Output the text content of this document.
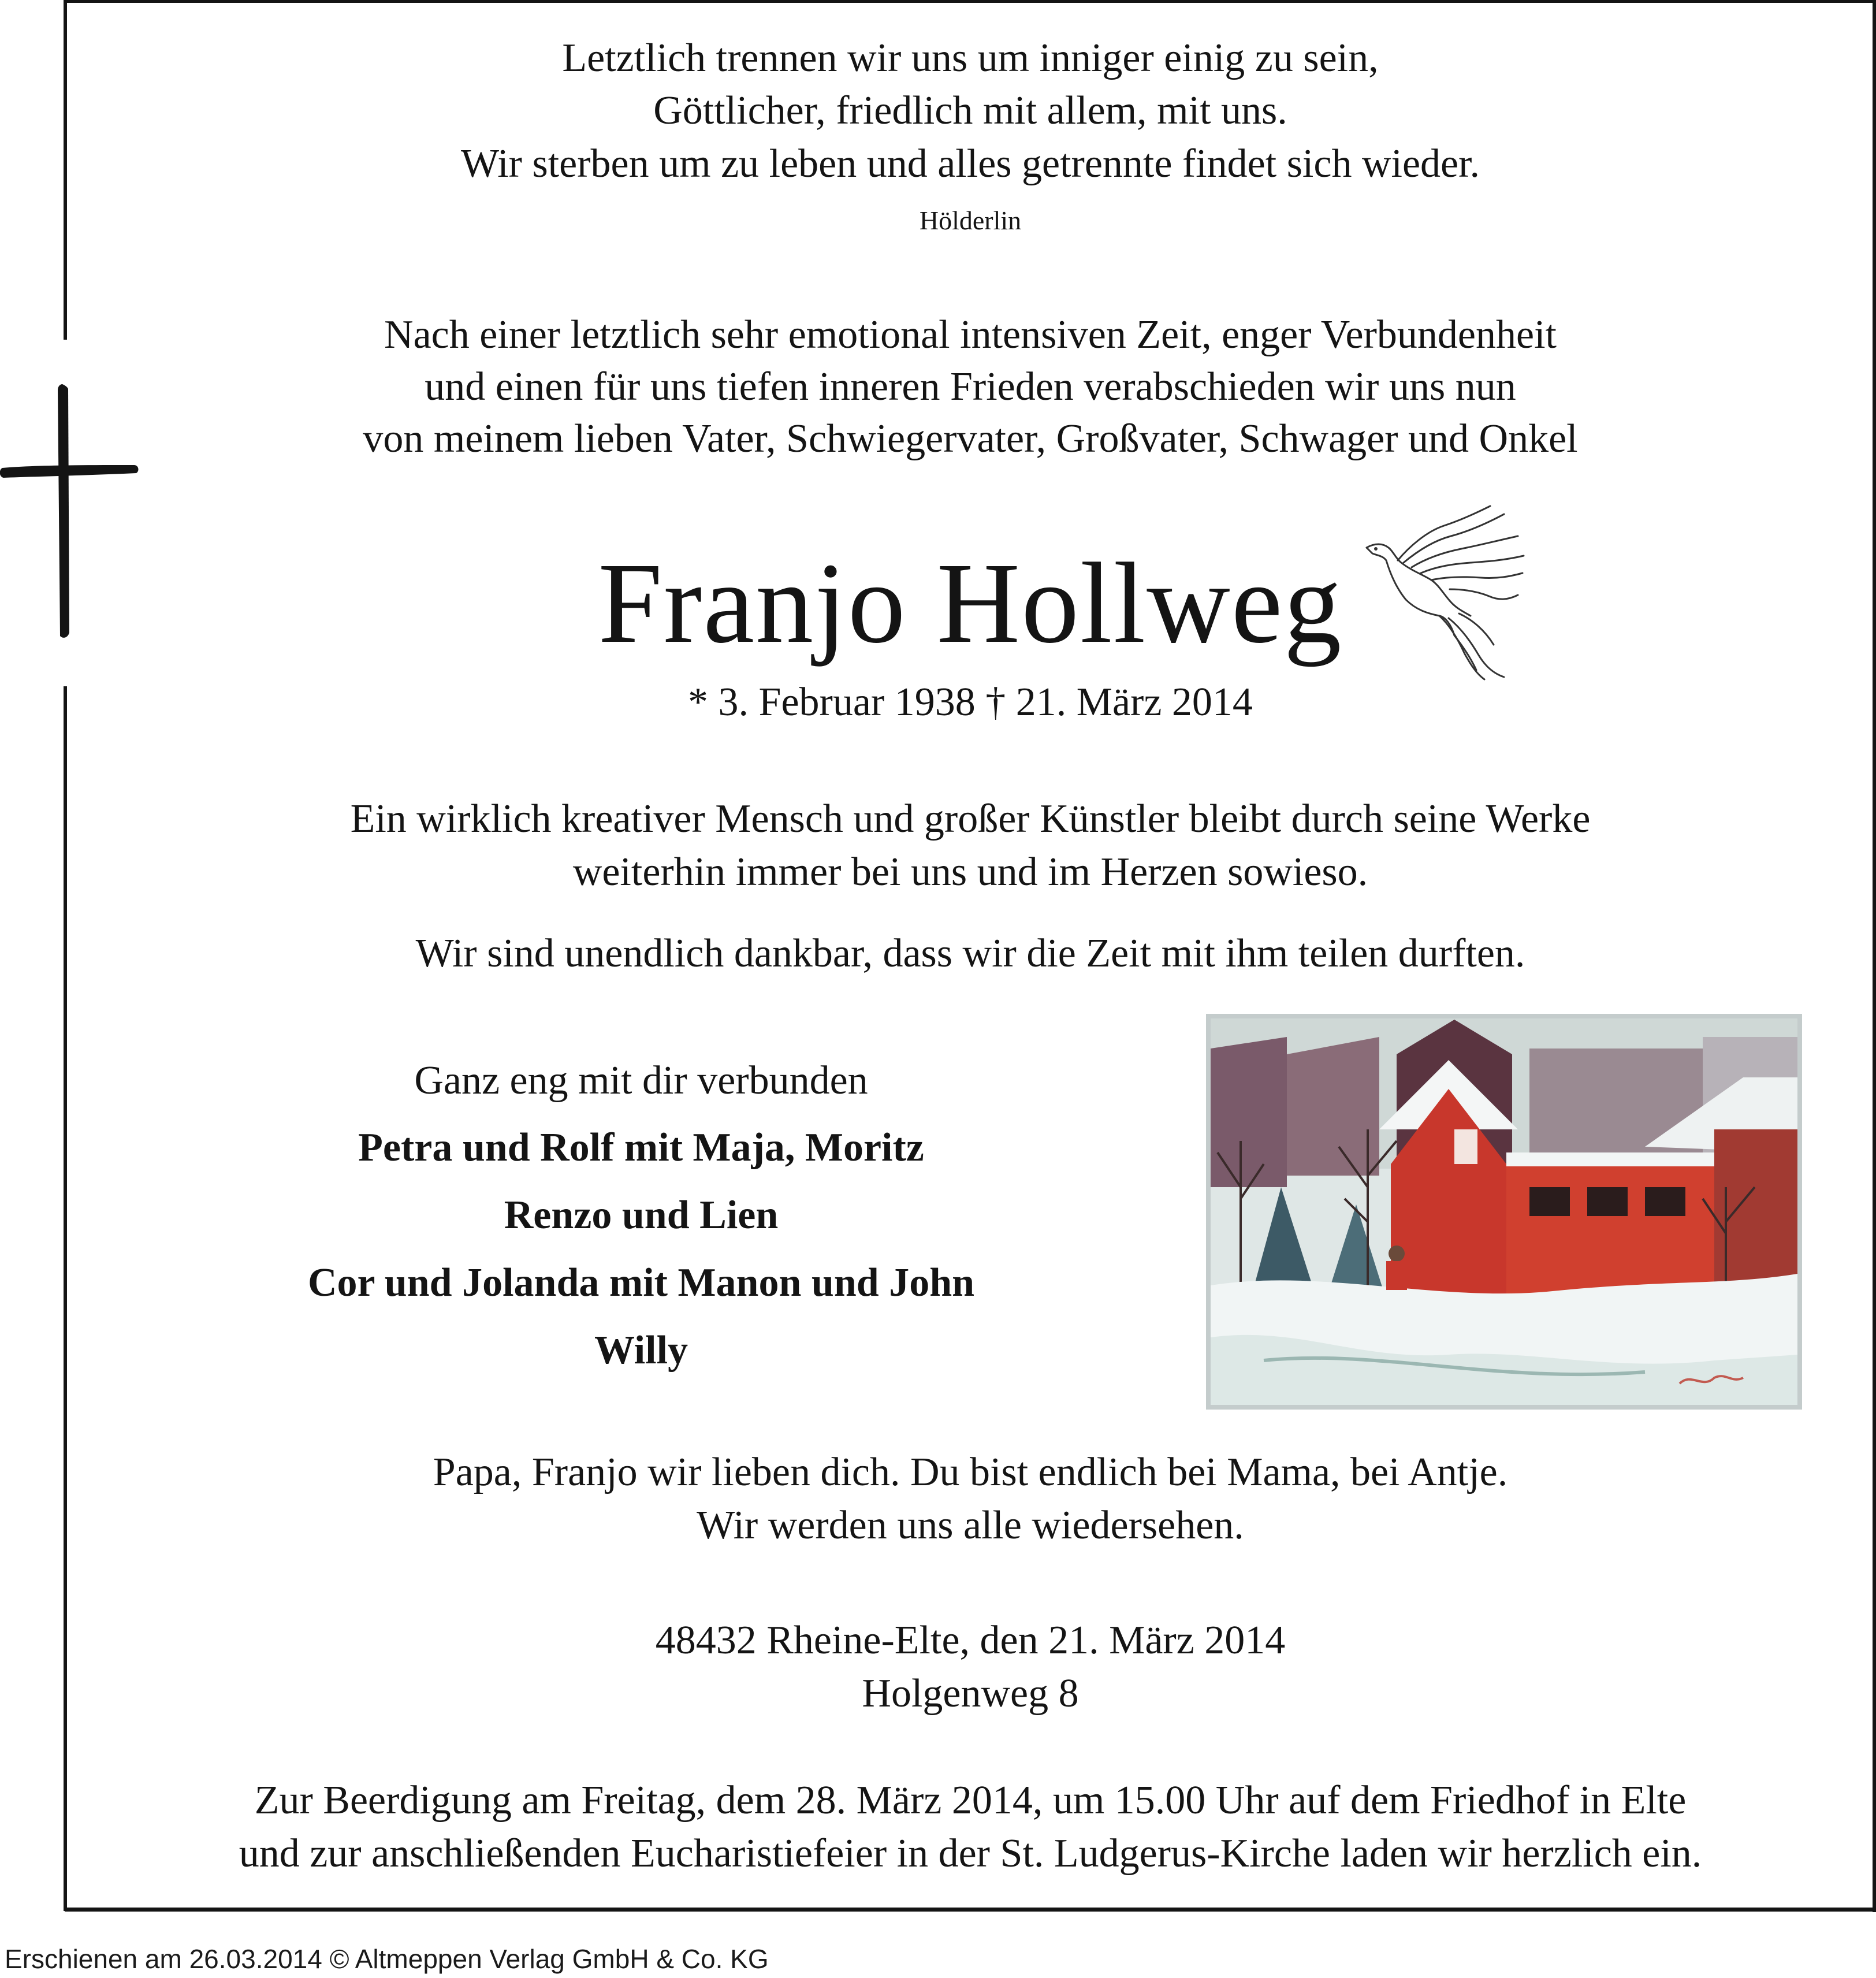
Letztlich trennen wir uns um inniger einig zu sein,
Göttlicher, friedlich mit allem, mit uns.
Wir sterben um zu leben und alles getrennte findet sich wieder.
Hölderlin
Nach einer letztlich sehr emotional intensiven Zeit, enger Verbundenheit
und einen für uns tiefen inneren Frieden verabschieden wir uns nun
von meinem lieben Vater, Schwiegervater, Großvater, Schwager und Onkel
Franjo Hollweg
* 3. Februar 1938 † 21. März 2014
Ein wirklich kreativer Mensch und großer Künstler bleibt durch seine Werke
weiterhin immer bei uns und im Herzen sowieso.
Wir sind unendlich dankbar, dass wir die Zeit mit ihm teilen durften.
Ganz eng mit dir verbunden
Petra und Rolf mit Maja, Moritz
Renzo und Lien
Cor und Jolanda mit Manon und John
Willy
Papa, Franjo wir lieben dich. Du bist endlich bei Mama, bei Antje.
Wir werden uns alle wiedersehen.
48432 Rheine-Elte, den 21. März 2014
Holgenweg 8
Zur Beerdigung am Freitag, dem 28. März 2014, um 15.00 Uhr auf dem Friedhof in Elte
und zur anschließenden Eucharistiefeier in der St. Ludgerus-Kirche laden wir herzlich ein.
Erschienen am 26.03.2014 © Altmeppen Verlag GmbH & Co. KG
